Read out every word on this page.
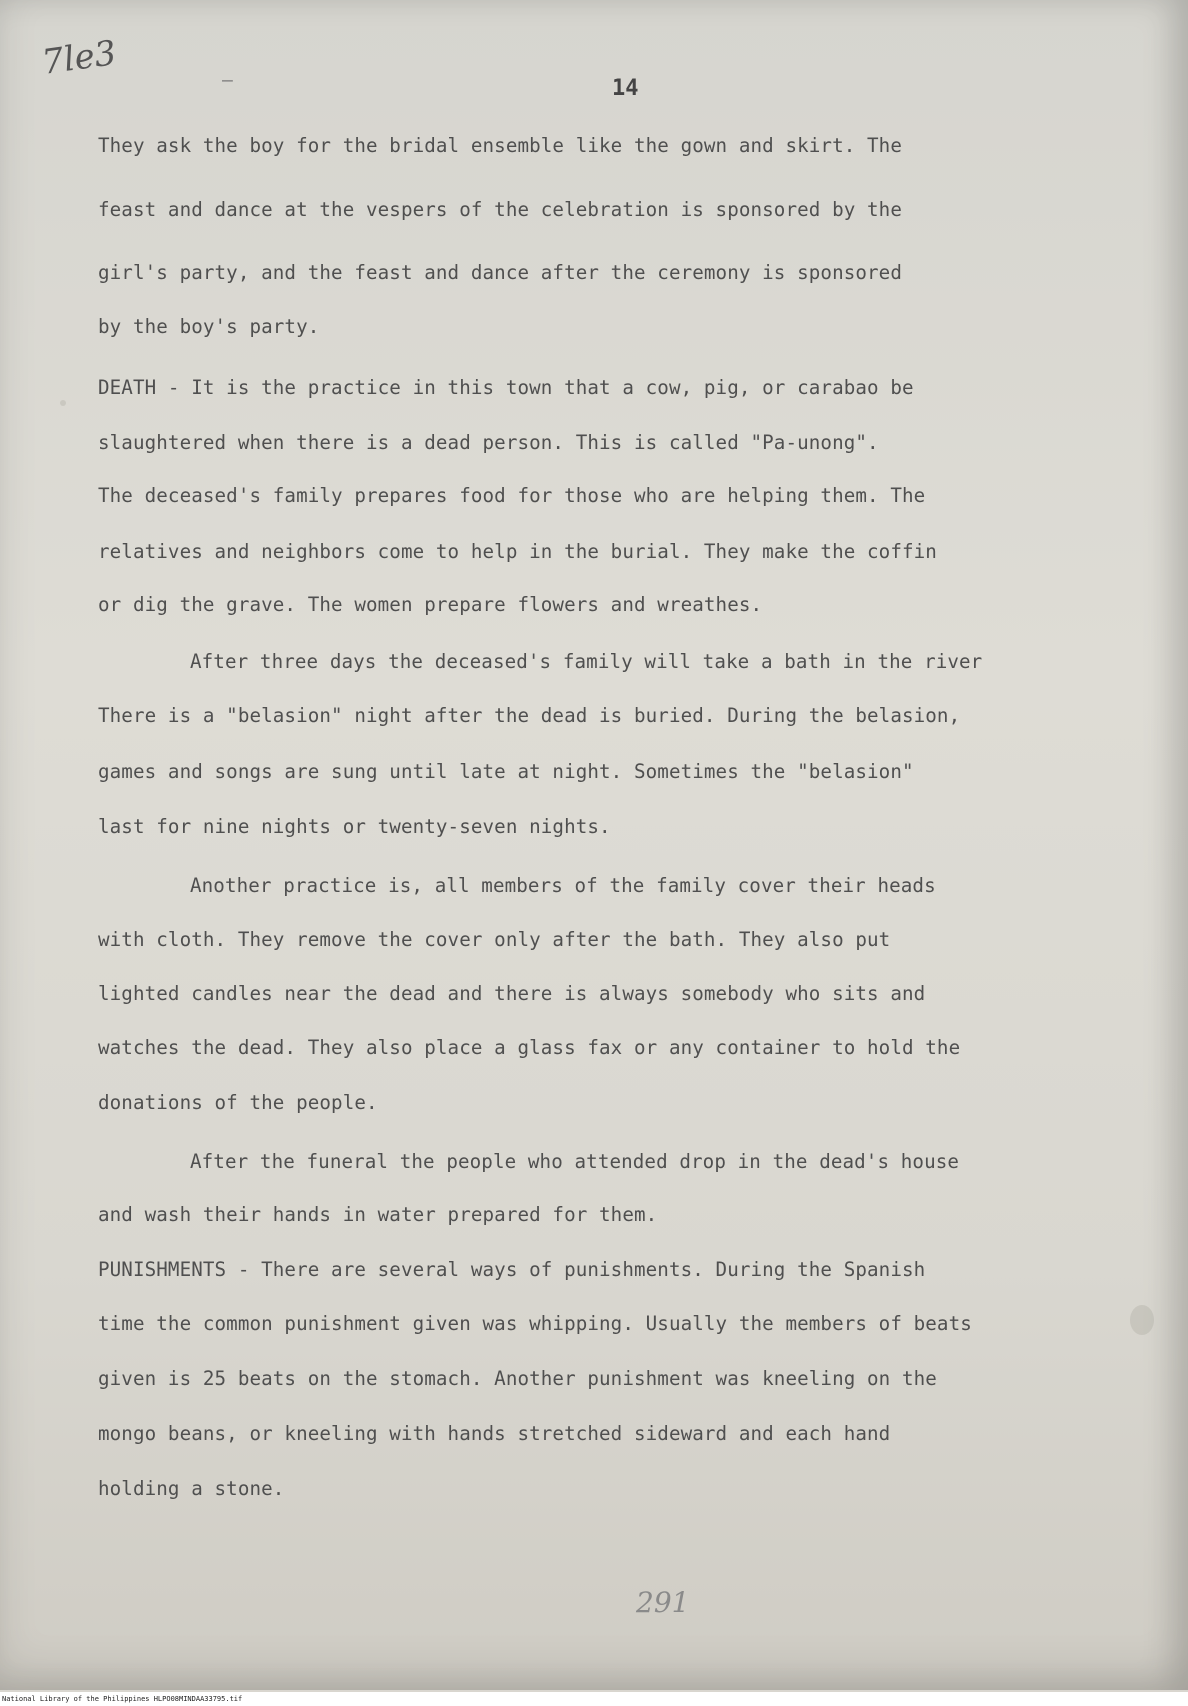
7le3	–	14
They ask the boy for the bridal ensemble like the gown and skirt. The
feast and dance at the vespers of the celebration is sponsored by the
girl's party, and the feast and dance after the ceremony is sponsored
by the boy's party.
DEATH - It is the practice in this town that a cow, pig, or carabao be
slaughtered when there is a dead person. This is called "Pa-unong".
The deceased's family prepares food for those who are helping them. The
relatives and neighbors come to help in the burial. They make the coffin
or dig the grave. The women prepare flowers and wreathes.
After three days the deceased's family will take a bath in the river
There is a "belasion" night after the dead is buried. During the belasion,
games and songs are sung until late at night. Sometimes the "belasion"
last for nine nights or twenty-seven nights.
Another practice is, all members of the family cover their heads
with cloth. They remove the cover only after the bath. They also put
lighted candles near the dead and there is always somebody who sits and
watches the dead. They also place a glass fax or any container to hold the
donations of the people.
After the funeral the people who attended drop in the dead's house
and wash their hands in water prepared for them.
PUNISHMENTS - There are several ways of punishments. During the Spanish
time the common punishment given was whipping. Usually the members of beats
given is 25 beats on the stomach. Another punishment was kneeling on the
mongo beans, or kneeling with hands stretched sideward and each hand
holding a stone.
291
National Library of the Philippines HLPO08MINDAA33795.tif
